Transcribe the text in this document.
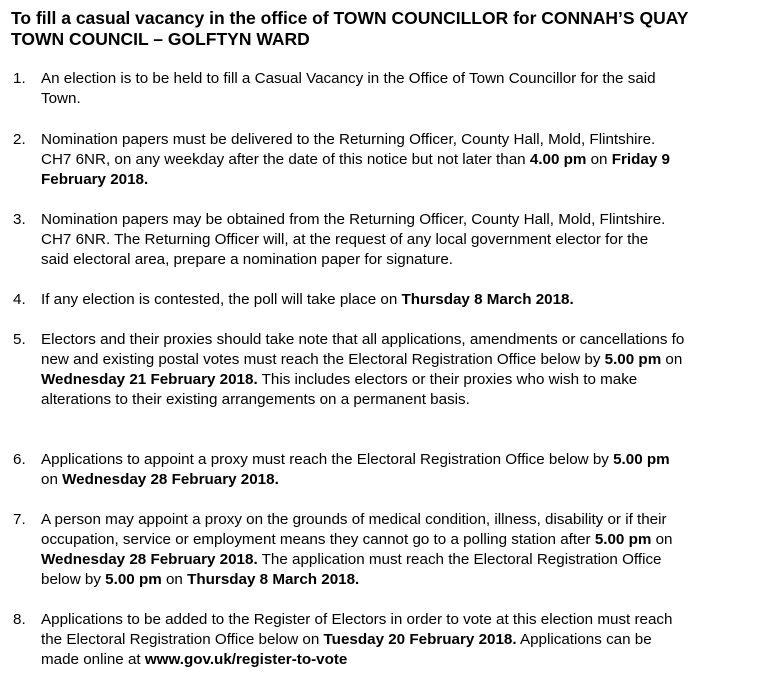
To fill a casual vacancy in the office of TOWN COUNCILLOR for CONNAH’S QUAY
TOWN COUNCIL – GOLFTYN WARD
1. An election is to be held to fill a Casual Vacancy in the Office of Town Councillor for the said
Town.
2. Nomination papers must be delivered to the Returning Officer, County Hall, Mold, Flintshire.
CH7 6NR, on any weekday after the date of this notice but not later than 4.00 pm on Friday 9
February 2018.
3. Nomination papers may be obtained from the Returning Officer, County Hall, Mold, Flintshire.
CH7 6NR. The Returning Officer will, at the request of any local government elector for the
said electoral area, prepare a nomination paper for signature.
4. If any election is contested, the poll will take place on Thursday 8 March 2018.
5. Electors and their proxies should take note that all applications, amendments or cancellations fo
new and existing postal votes must reach the Electoral Registration Office below by 5.00 pm on
Wednesday 21 February 2018. This includes electors or their proxies who wish to make
alterations to their existing arrangements on a permanent basis.
6. Applications to appoint a proxy must reach the Electoral Registration Office below by 5.00 pm
on Wednesday 28 February 2018.
7. A person may appoint a proxy on the grounds of medical condition, illness, disability or if their
occupation, service or employment means they cannot go to a polling station after 5.00 pm on
Wednesday 28 February 2018. The application must reach the Electoral Registration Office
below by 5.00 pm on Thursday 8 March 2018.
8. Applications to be added to the Register of Electors in order to vote at this election must reach
the Electoral Registration Office below on Tuesday 20 February 2018. Applications can be
made online at www.gov.uk/register-to-vote
